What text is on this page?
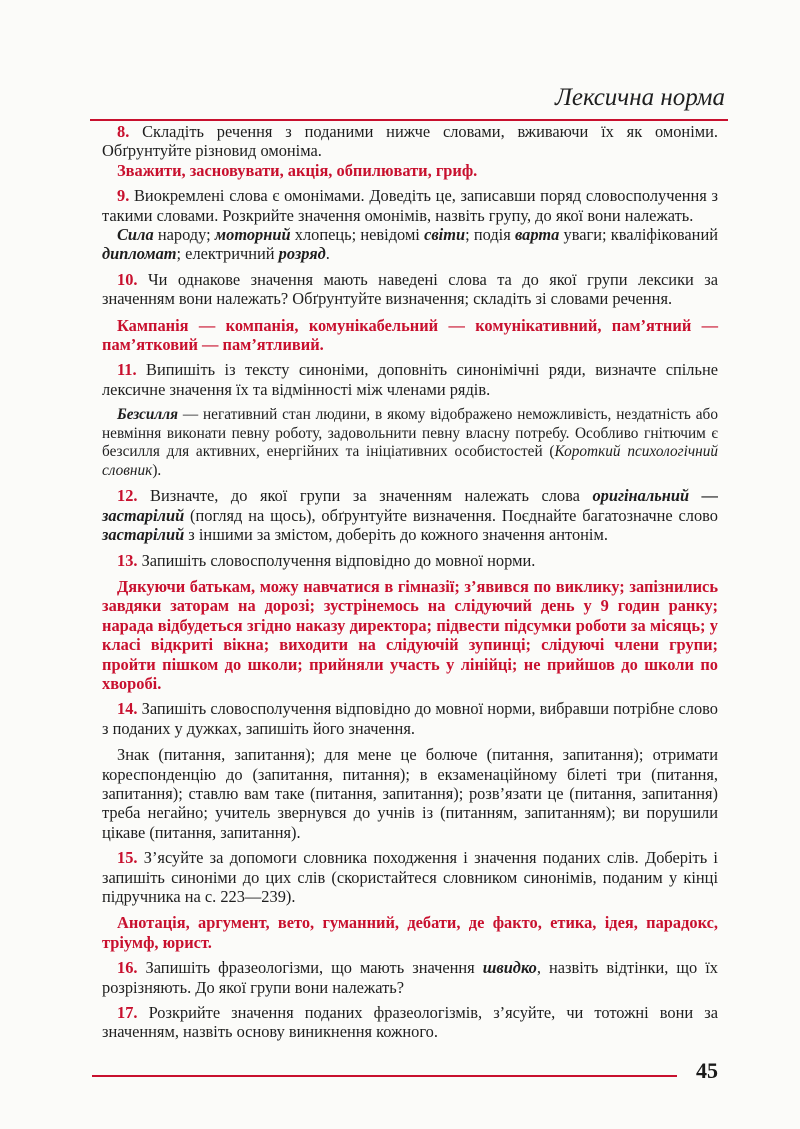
Лексична норма

8. Складіть речення з поданими нижче словами, вживаючи їх як омоніми. Обґрунтуйте різновид омоніма.

Зважити, засновувати, акція, обпилювати, гриф.

9. Виокремлені слова є омонімами. Доведіть це, записавши поряд словосполучення з такими словами. Розкрийте значення омонімів, назвіть групу, до якої вони належать.

Сила народу; моторний хлопець; невідомі світи; подія варта уваги; кваліфікований дипломат; електричний розряд.

10. Чи однакове значення мають наведені слова та до якої групи лексики за значенням вони належать? Обґрунтуйте визначення; складіть зі словами речення.

Кампанія — компанія, комунікабельний — комунікативний, пам’ятний — пам’ятковий — пам’ятливий.

11. Випишіть із тексту синоніми, доповніть синонімічні ряди, визначте спільне лексичне значення їх та відмінності між членами рядів.

Безсилля — негативний стан людини, в якому відображено неможливість, нездатність або невміння виконати певну роботу, задовольнити певну власну потребу. Особливо гнітючим є безсилля для активних, енергійних та ініціативних особистостей (Короткий психологічний словник).

12. Визначте, до якої групи за значенням належать слова оригінальний — застарілий (погляд на щось), обґрунтуйте визначення. Поєднайте багатозначне слово застарілий з іншими за змістом, доберіть до кожного значення антонім.

13. Запишіть словосполучення відповідно до мовної норми.

Дякуючи батькам, можу навчатися в гімназії; з’явився по виклику; запізнились завдяки заторам на дорозі; зустрінемось на слідуючий день у 9 годин ранку; нарада відбудеться згідно наказу директора; підвести підсумки роботи за місяць; у класі відкриті вікна; виходити на слідуючій зупинці; слідуючі члени групи; пройти пішком до школи; прийняли участь у лінійці; не прийшов до школи по хворобі.

14. Запишіть словосполучення відповідно до мовної норми, вибравши потрібне слово з поданих у дужках, запишіть його значення.

Знак (питання, запитання); для мене це болюче (питання, запитання); отримати кореспонденцію до (запитання, питання); в екзаменаційному білеті три (питання, запитання); ставлю вам таке (питання, запитання); розв’язати це (питання, запитання) треба негайно; учитель звернувся до учнів із (питанням, запитанням); ви порушили цікаве (питання, запитання).

15. З’ясуйте за допомоги словника походження і значення поданих слів. Доберіть і запишіть синоніми до цих слів (скористайтеся словником синонімів, поданим у кінці підручника на с. 223—239).

Анотація, аргумент, вето, гуманний, дебати, де факто, етика, ідея, парадокс, тріумф, юрист.

16. Запишіть фразеологізми, що мають значення швидко, назвіть відтінки, що їх розрізняють. До якої групи вони належать?

17. Розкрийте значення поданих фразеологізмів, з’ясуйте, чи тотожні вони за значенням, назвіть основу виникнення кожного.

45
